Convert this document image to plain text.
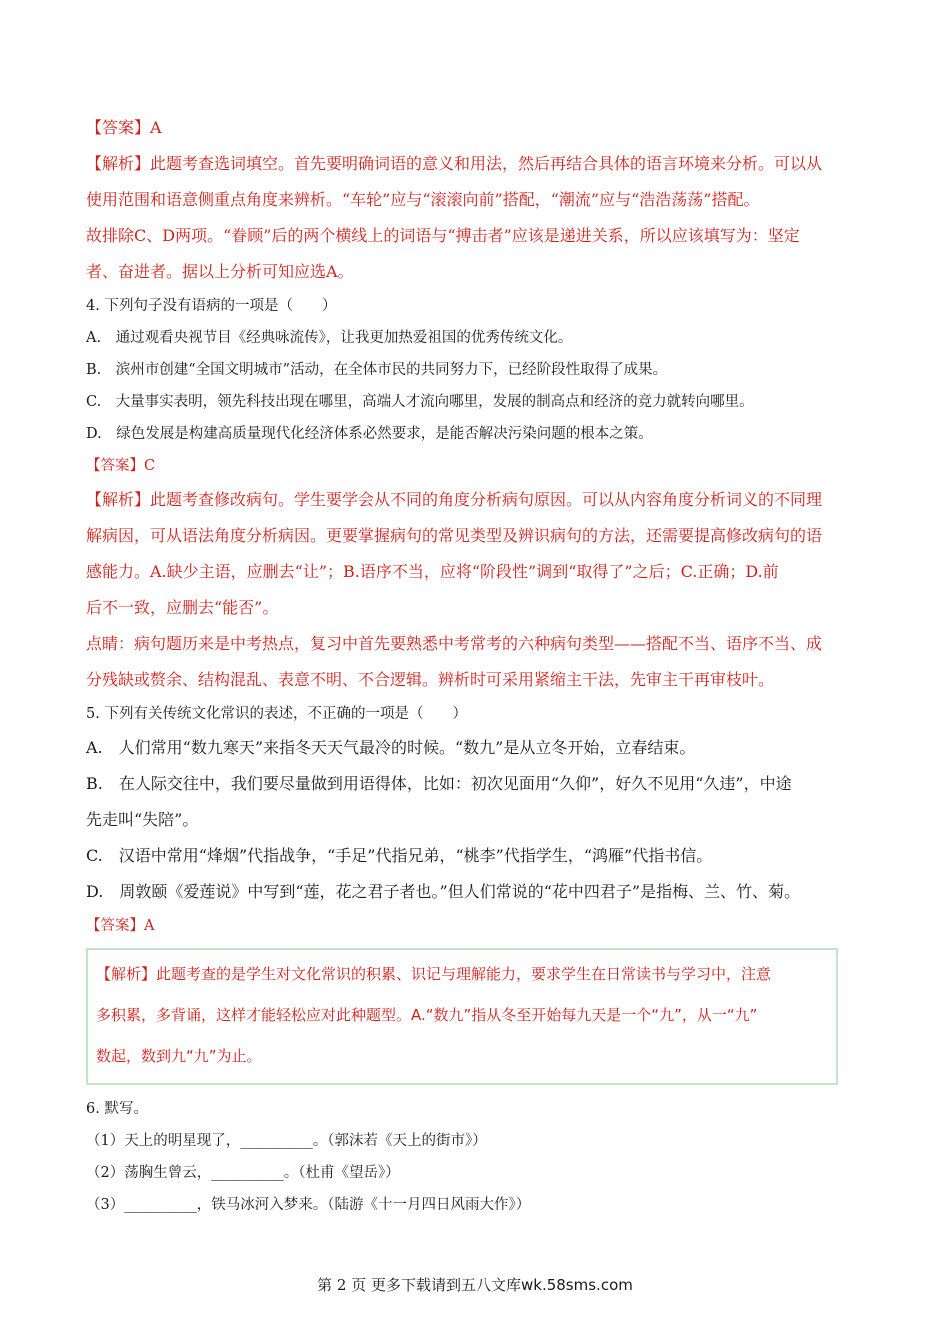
【答案】A

【解析】此题考查选词填空。首先要明确词语的意义和用法，然后再结合具体的语言环境来分析。可以从

使用范围和语意侧重点角度来辨析。“车轮”应与“滚滚向前”搭配，“潮流”应与“浩浩荡荡”搭配。

故排除C、D两项。“眷顾”后的两个横线上的词语与“搏击者”应该是递进关系，所以应该填写为：坚定

者、奋进者。据以上分析可知应选A。

4. 下列句子没有语病的一项是（　　）

A.　通过观看央视节目《经典咏流传》，让我更加热爱祖国的优秀传统文化。

B.　滨州市创建“全国文明城市”活动，在全体市民的共同努力下，已经阶段性取得了成果。

C.　大量事实表明，领先科技出现在哪里，高端人才流向哪里，发展的制高点和经济的竞力就转向哪里。

D.　绿色发展是构建高质量现代化经济体系必然要求，是能否解决污染问题的根本之策。

【答案】C

【解析】此题考查修改病句。学生要学会从不同的角度分析病句原因。可以从内容角度分析词义的不同理

解病因，可从语法角度分析病因。更要掌握病句的常见类型及辨识病句的方法，还需要提高修改病句的语

感能力。A.缺少主语，应删去“让”；B.语序不当，应将“阶段性”调到“取得了”之后；C.正确；D.前

后不一致，应删去“能否”。

点睛：病句题历来是中考热点，复习中首先要熟悉中考常考的六种病句类型——搭配不当、语序不当、成

分残缺或赘余、结构混乱、表意不明、不合逻辑。辨析时可采用紧缩主干法，先审主干再审枝叶。

5. 下列有关传统文化常识的表述，不正确的一项是（　　）

A.　人们常用“数九寒天”来指冬天天气最冷的时候。“数九”是从立冬开始，立春结束。

B.　在人际交往中，我们要尽量做到用语得体，比如：初次见面用“久仰”，好久不见用“久违”，中途

先走叫“失陪”。

C.　汉语中常用“烽烟”代指战争，“手足”代指兄弟，“桃李”代指学生，“鸿雁”代指书信。

D.　周敦颐《爱莲说》中写到“莲，花之君子者也。”但人们常说的“花中四君子”是指梅、兰、竹、菊。

【答案】A

【解析】此题考查的是学生对文化常识的积累、识记与理解能力，要求学生在日常读书与学习中，注意

多积累，多背诵，这样才能轻松应对此种题型。A.“数九”指从冬至开始每九天是一个“九”，从一“九”

数起，数到九“九”为止。

6. 默写。

（1）天上的明星现了，__________。（郭沫若《天上的街市》）

（2）荡胸生曾云，__________。（杜甫《望岳》）

（3）__________，铁马冰河入梦来。（陆游《十一月四日风雨大作》）

第 2 页 更多下载请到五八文库wk.58sms.com
